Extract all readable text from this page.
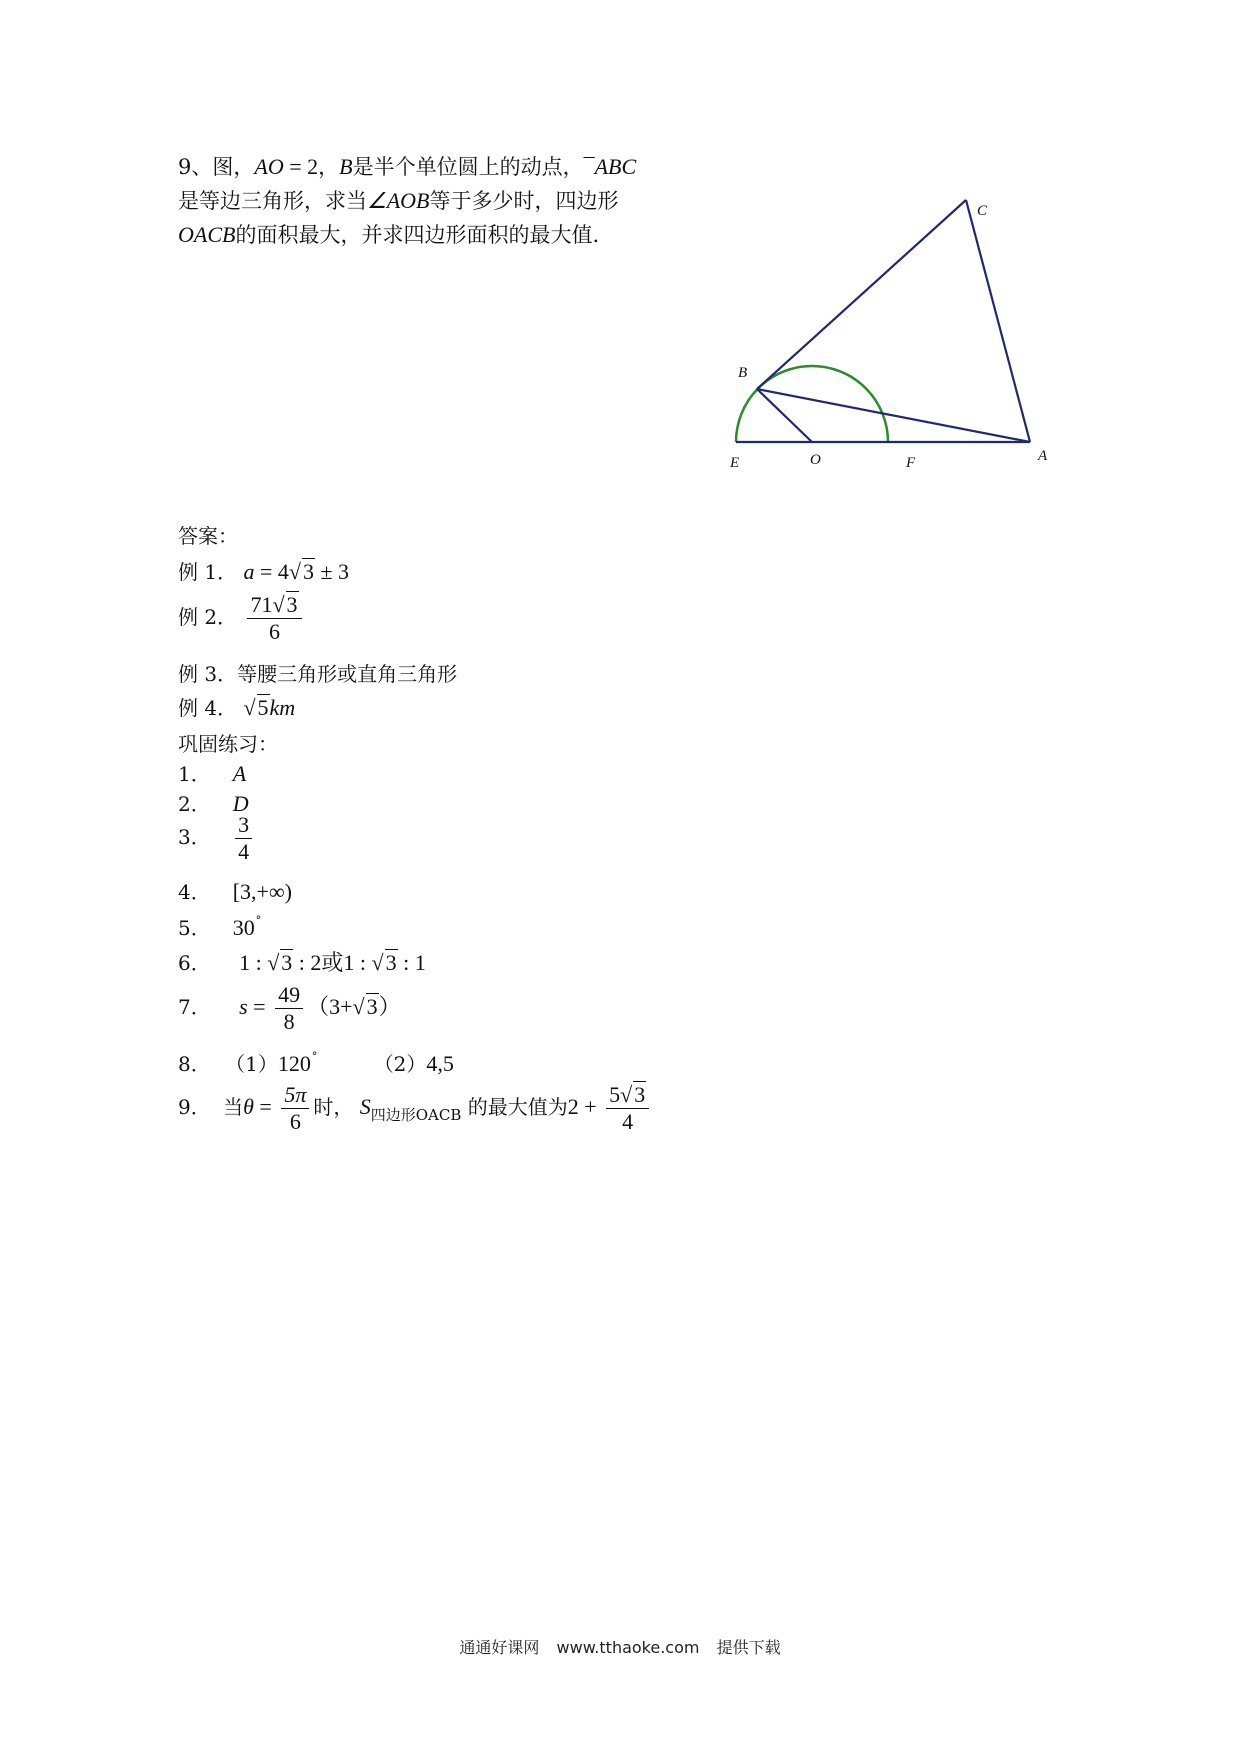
9、图，AO = 2，B是半个单位圆上的动点，¯ABC
是等边三角形，求当∠AOB等于多少时，四边形
OACB的面积最大，并求四边形面积的最大值.
C
B
E	O	F	A
答案：
例 1． a = 4√3 ± 3
例 2． $\frac{71√3}{6}$
例 3．等腰三角形或直角三角形
例 4． √5km
巩固练习：
1． A
2． D
3． $\frac{3}{4}$
4． [3,+∞)
5． 30°
6． 1 : √3 : 2或1 : √3 : 1
7． $s = \frac{49}{8} (3+√3)$
8． （1）120°	（2）4,5
9． 当$\theta = \frac{5\pi}{6}$ 时， $S_{四边形OACB}$ 的最大值为$2 + \frac{5√3}{4}$
通通好课网 www.tthaoke.com 提供下载
